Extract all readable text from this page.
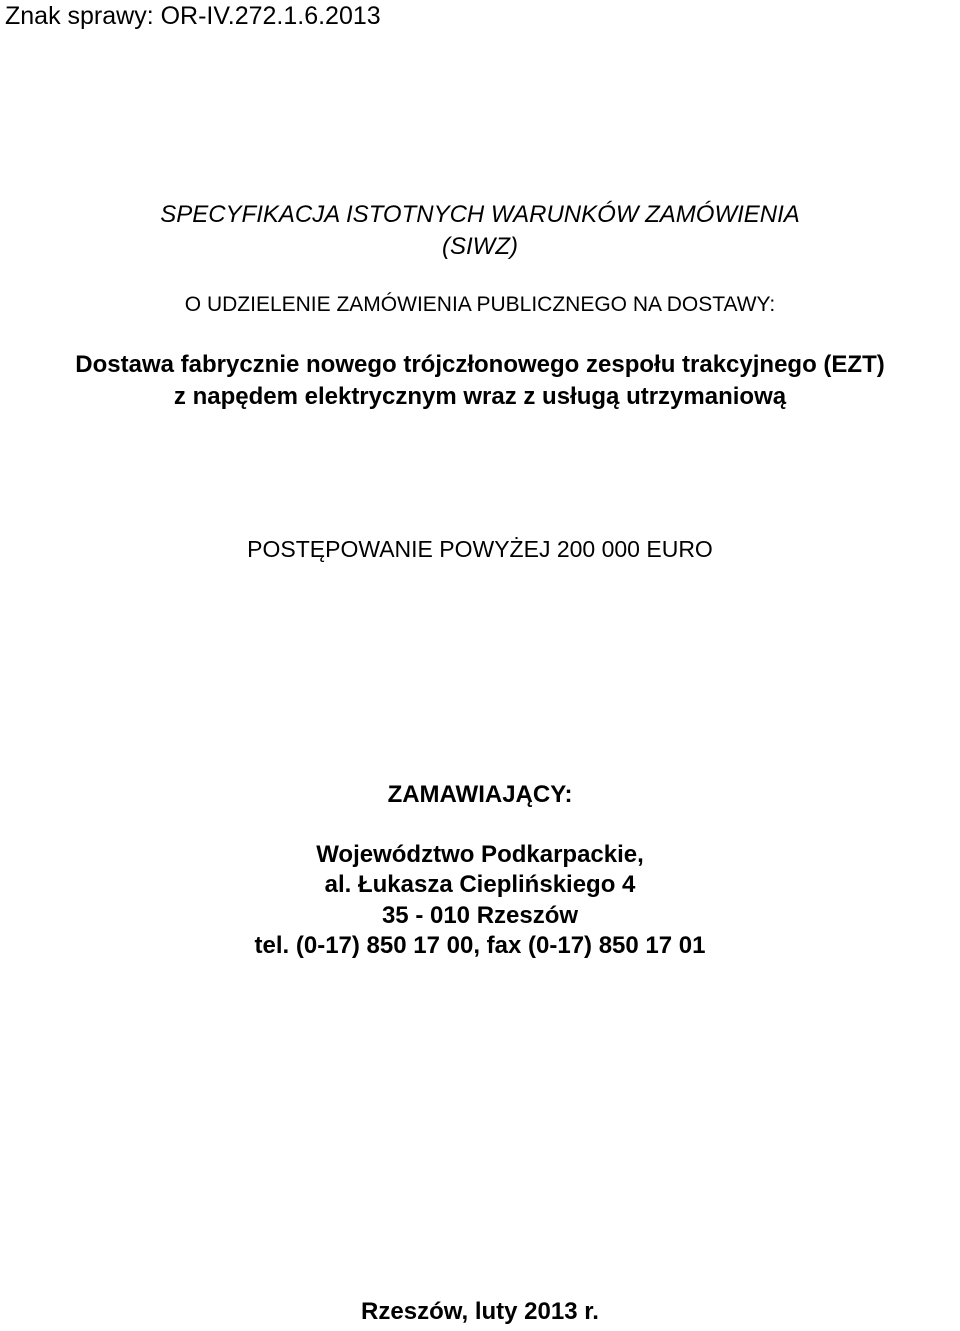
Znak sprawy: OR-IV.272.1.6.2013
SPECYFIKACJA ISTOTNYCH WARUNKÓW ZAMÓWIENIA
(SIWZ)
O UDZIELENIE ZAMÓWIENIA PUBLICZNEGO NA DOSTAWY:
Dostawa fabrycznie nowego trójczłonowego zespołu trakcyjnego (EZT)
z napędem elektrycznym wraz z usługą utrzymaniową
POSTĘPOWANIE POWYŻEJ 200 000 EURO
ZAMAWIAJĄCY:
Województwo Podkarpackie,
al. Łukasza Cieplińskiego 4
35 - 010 Rzeszów
tel. (0-17) 850 17 00, fax (0-17) 850 17 01
Rzeszów, luty 2013 r.
